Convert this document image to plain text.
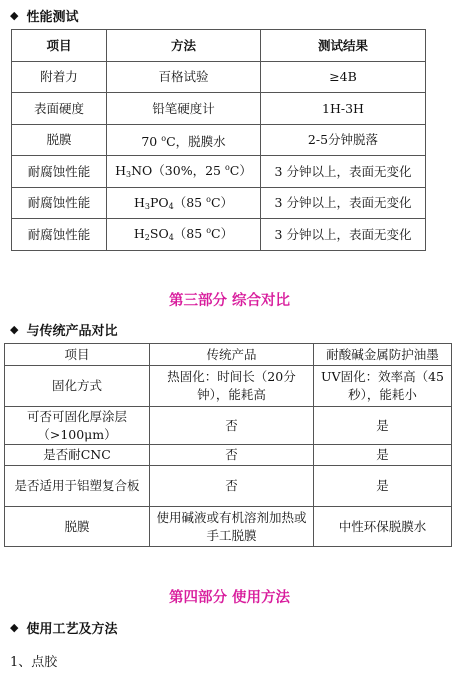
◆ 性能测试
项目	方法	测试结果
附着力	百格试验	≥4B
表面硬度	铅笔硬度计	1H-3H
脱膜	70 $^o$C，脱膜水	2-5分钟脱落
耐腐蚀性能	$H_3NO(30\%$，25 $^o$C）	3 分钟以上，表面无变化
耐腐蚀性能	$H_3PO_4(85$ $^o$C）	3 分钟以上，表面无变化
耐腐蚀性能	$H_2SO_4(85$ $^o$C）	3 分钟以上，表面无变化
第三部分 综合对比
◆ 与传统产品对比
项目	传统产品	耐酸碱金属防护油墨
固化方式	热固化：时间长（20分钟），能耗高	UV固化：效率高（45秒），能耗小
可否可固化厚涂层（>100μm）	否	是
是否耐CNC	否	是
是否适用于铝塑复合板	否	是
脱膜	使用碱液或有机溶剂加热或手工脱膜	中性环保脱膜水
第四部分 使用方法
◆ 使用工艺及方法
1、点胶
